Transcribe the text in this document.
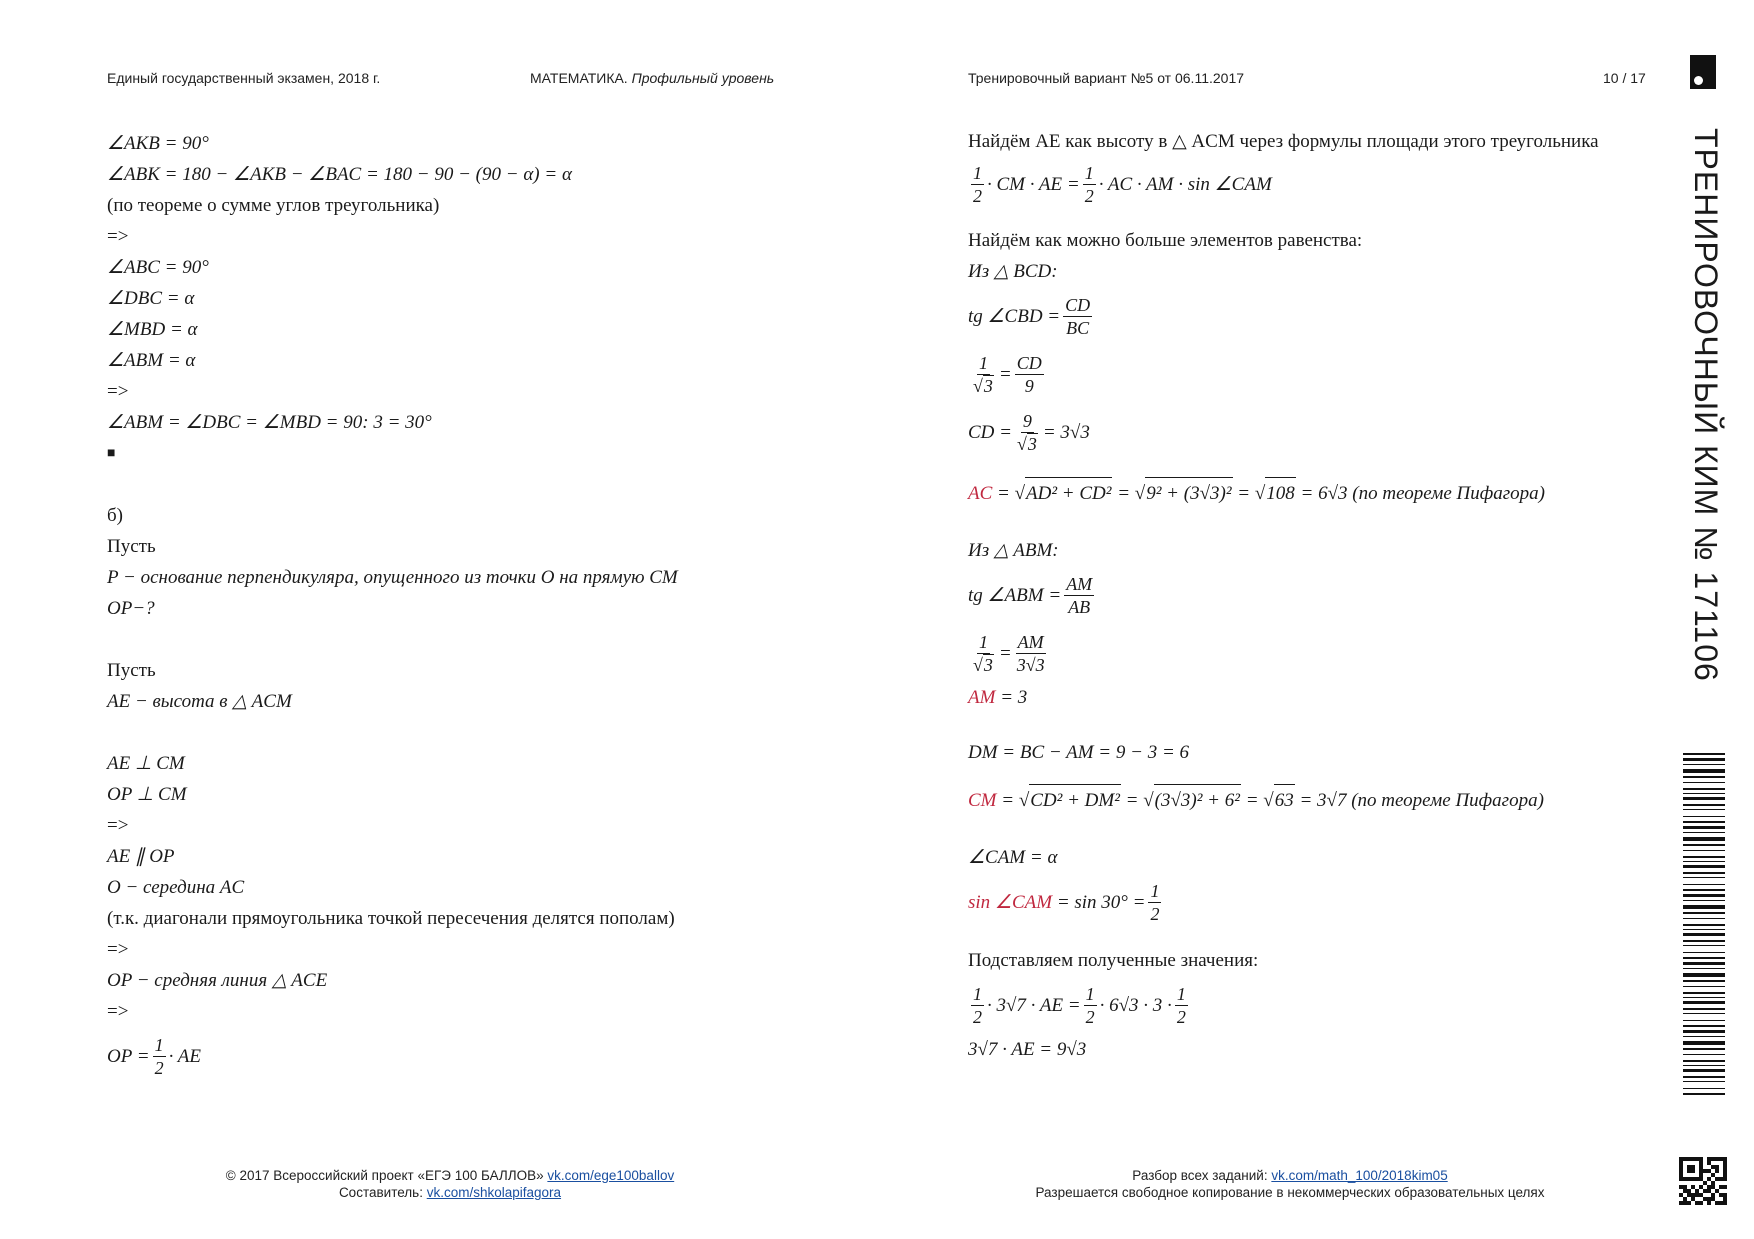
Единый государственный экзамен, 2018 г.	МАТЕМАТИКА. Профильный уровень	Тренировочный вариант №5 от 06.11.2017	10 / 17
∠AKB = 90°
∠ABK = 180 − ∠AKB − ∠BAC = 180 − 90 − (90 − α) = α
(по теореме о сумме углов треугольника)
=>
∠ABC = 90°
∠DBC = α
∠MBD = α
∠ABM = α
=>
∠ABM = ∠DBC = ∠MBD = 90: 3 = 30°
■
б)
Пусть
P − основание перпендикуляра, опущенного из точки O на прямую CM
OP−?
Пусть
AE − высота в △ ACM
AE ⊥ CM
OP ⊥ CM
=>
AE ∥ OP
O − середина AC
(т.к. диагонали прямоугольника точкой пересечения делятся пополам)
=>
OP − средняя линия △ ACE
=>
OP = $\frac{1}{2}$ · AE
Найдём AE как высоту в △ ACM через формулы площади этого треугольника
$\frac{1}{2}$ · CM · AE = $\frac{1}{2}$ · AC · AM · sin ∠CAM
Найдём как можно больше элементов равенства:
Из △ BCD:
tg ∠CBD = $\frac{CD}{BC}$
$\frac{1}{√3} = \frac{CD}{9}$
CD = $\frac{9}{√3} = 3√3$
AC
= √ AD² + CD²
= √ 9² + (3√3)²
= √ 108
= 6√3 (по теореме Пифагора)
Из △ ABM:
tg ∠ABM = $\frac{AM}{AB}$
$\frac{1}{√3} = \frac{AM}{3√3}$
AM
= 3
DM = BC − AM = 9 − 3 = 6
CM
= √ CD² + DM²
= √ (3√3)² + 6²
= √ 63
= 3√7 (по теореме Пифагора)
∠CAM = α
sin ∠CAM
= $\sin 30^\circ = \frac{1}{2}$
Подставляем полученные значения:
$\frac{1}{2} \cdot 3√7$ · AE = $\frac{1}{2} \cdot 6√3 \cdot 3 \cdot \frac{1}{2}$
3√7 · AE = 9√3
ТРЕНИРОВОЧНЫЙ КИМ № 171106
© 2017 Всероссийский проект «ЕГЭ 100 БАЛЛОВ» vk.com/ege100ballov
Составитель: vk.com/shkolapifagora
Разбор всех заданий: vk.com/math_100/2018kim05
Разрешается свободное копирование в некоммерческих образовательных целях
